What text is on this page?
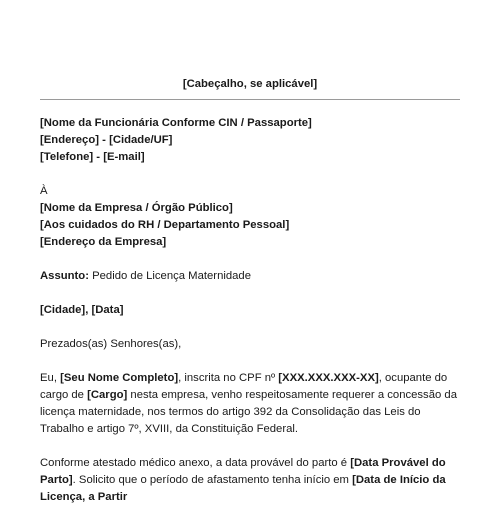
[Cabeçalho, se aplicável]
[Nome da Funcionária Conforme CIN / Passaporte]
[Endereço] - [Cidade/UF]
[Telefone] - [E-mail]
À
[Nome da Empresa / Órgão Público]
[Aos cuidados do RH / Departamento Pessoal]
[Endereço da Empresa]
Assunto: Pedido de Licença Maternidade
[Cidade], [Data]
Prezados(as) Senhores(as),
Eu, [Seu Nome Completo], inscrita no CPF nº [XXX.XXX.XXX-XX], ocupante do cargo de [Cargo] nesta empresa, venho respeitosamente requerer a concessão da licença maternidade, nos termos do artigo 392 da Consolidação das Leis do Trabalho e artigo 7º, XVIII, da Constituição Federal.
Conforme atestado médico anexo, a data provável do parto é [Data Provável do Parto]. Solicito que o período de afastamento tenha início em [Data de Início da Licença, a Partir
